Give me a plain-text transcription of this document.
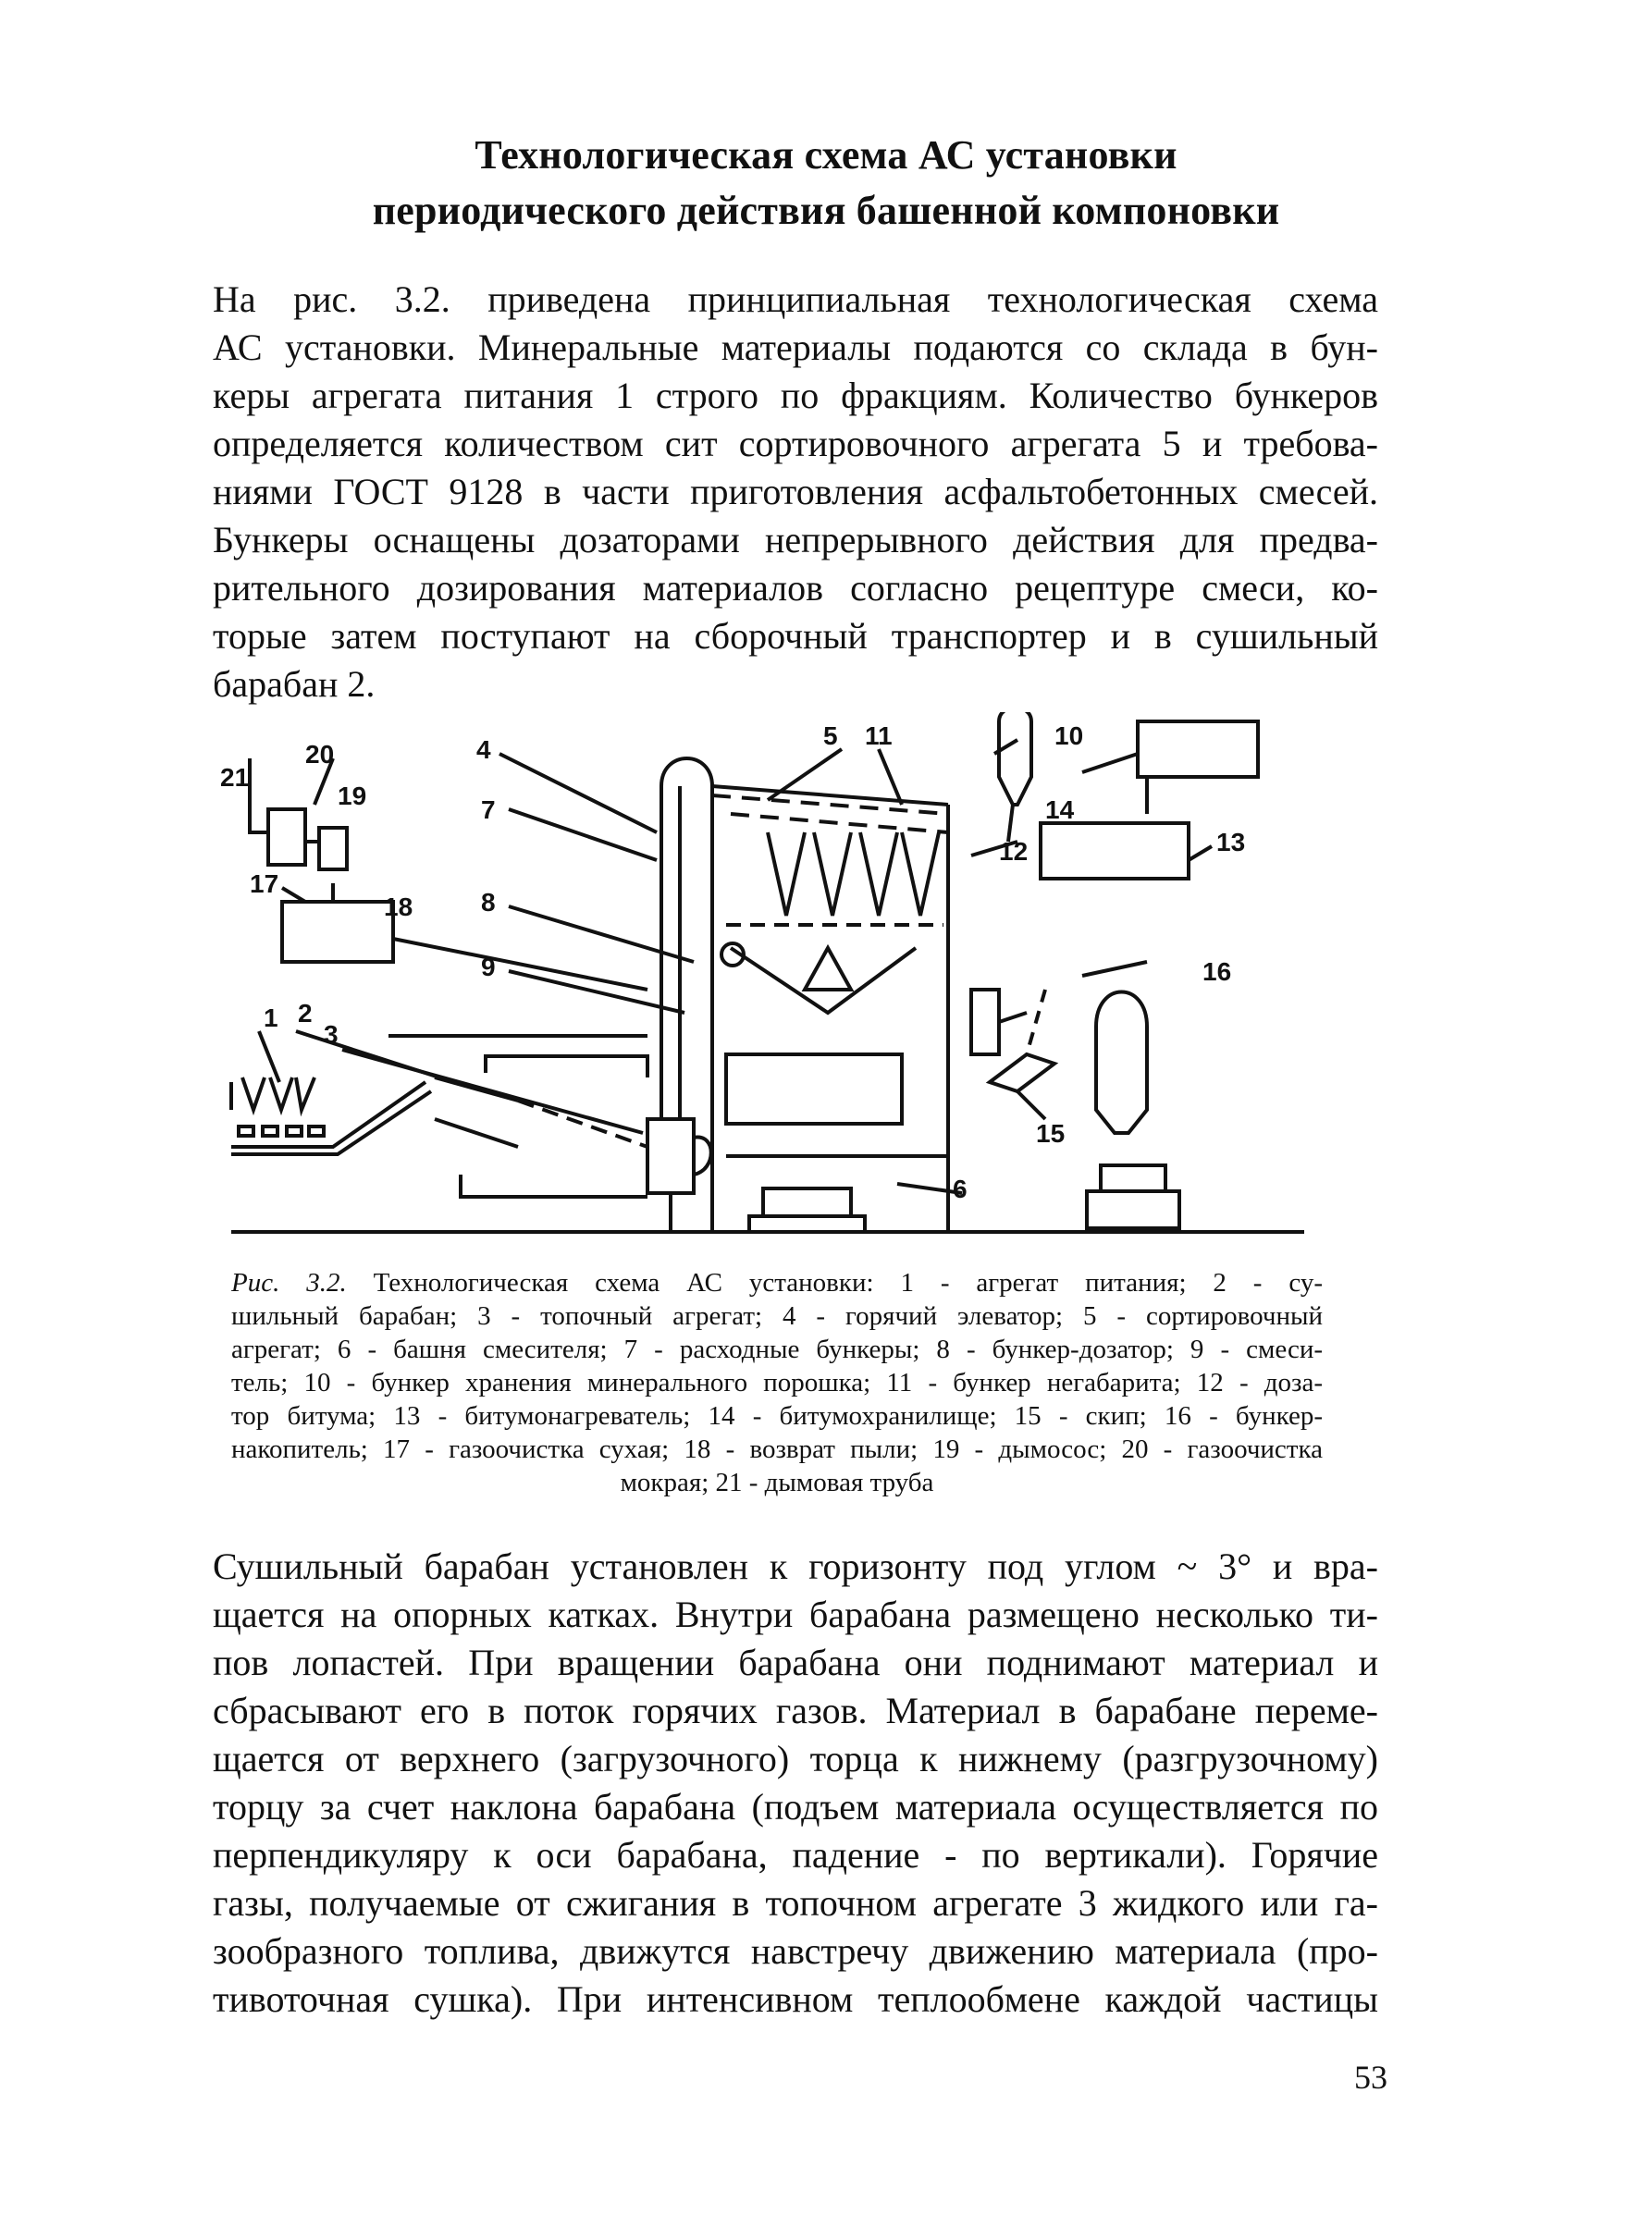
Технологическая схема АС установки
периодического действия башенной компоновки
На рис. 3.2. приведена принципиальная технологическая схема
АС установки. Минеральные материалы подаются со склада в бун-
керы агрегата питания 1 строго по фракциям. Количество бункеров
определяется количеством сит сортировочного агрегата 5 и требова-
ниями ГОСТ 9128 в части приготовления асфальтобетонных смесей.
Бункеры оснащены дозаторами непрерывного действия для предва-
рительного дозирования материалов согласно рецептуре смеси, ко-
торые затем поступают на сборочный транспортер и в сушильный
барабан 2.
1 2
3
4	5
6
7
8
9
10
11
12	13
14
15
16
17
18
19
20
21
Рис. 3.2. Технологическая схема АС установки: 1 - агрегат питания; 2 - су-
шильный барабан; 3 - топочный агрегат; 4 - горячий элеватор; 5 - сортировочный
агрегат; 6 - башня смесителя; 7 - расходные бункеры; 8 - бункер-дозатор; 9 - смеси-
тель; 10 - бункер хранения минерального порошка; 11 - бункер негабарита; 12 - доза-
тор битума; 13 - битумонагреватель; 14 - битумохранилище; 15 - скип; 16 - бункер-
накопитель; 17 - газоочистка сухая; 18 - возврат пыли; 19 - дымосос; 20 - газоочистка
мокрая; 21 - дымовая труба
Сушильный барабан установлен к горизонту под углом ~ 3° и вра-
щается на опорных катках. Внутри барабана размещено несколько ти-
пов лопастей. При вращении барабана они поднимают материал и
сбрасывают его в поток горячих газов. Материал в барабане переме-
щается от верхнего (загрузочного) торца к нижнему (разгрузочному)
торцу за счет наклона барабана (подъем материала осуществляется по
перпендикуляру к оси барабана, падение - по вертикали). Горячие
газы, получаемые от сжигания в топочном агрегате 3 жидкого или га-
зообразного топлива, движутся навстречу движению материала (про-
тивоточная сушка). При интенсивном теплообмене каждой частицы
53
